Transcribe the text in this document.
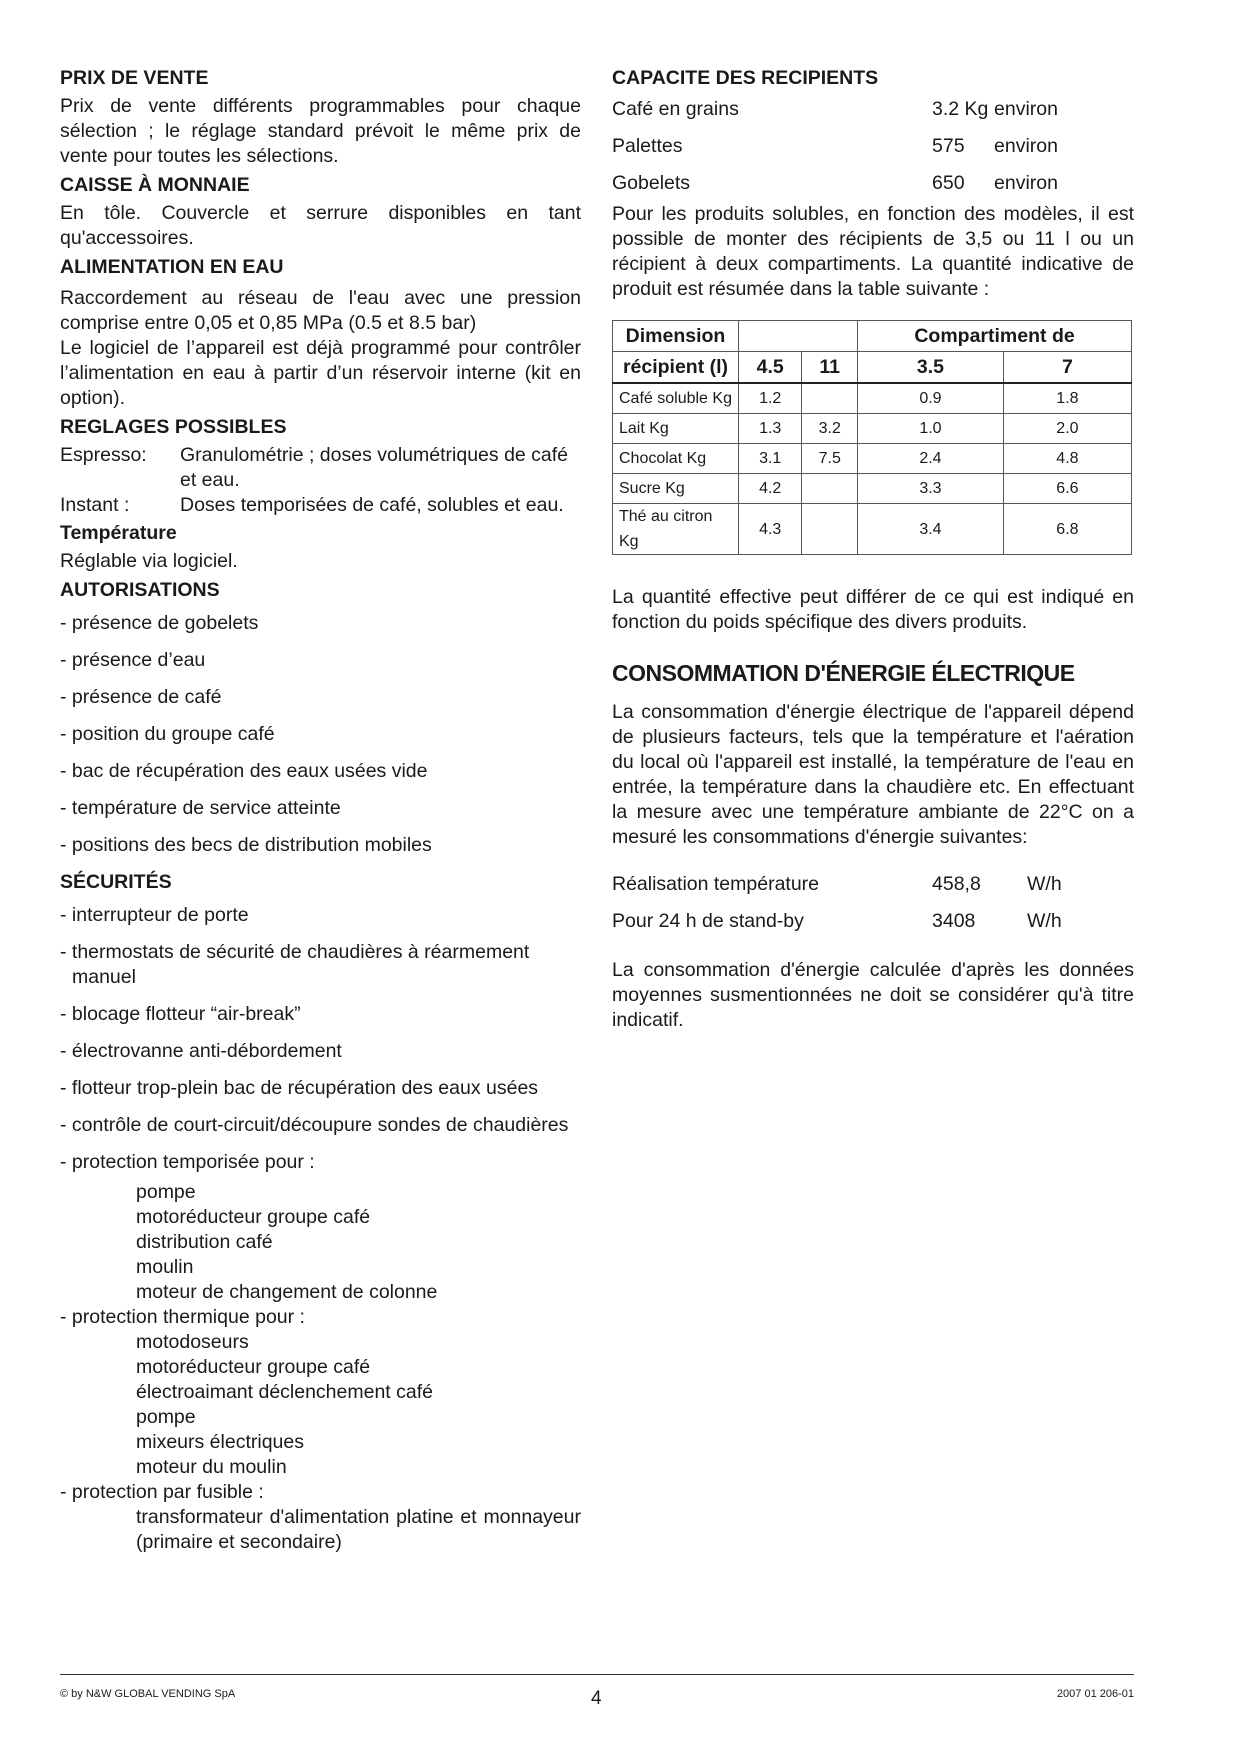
PRIX DE VENTE
Prix de vente différents programmables pour chaque sélection ; le réglage standard prévoit le même prix de vente pour toutes les sélections.
CAISSE À MONNAIE
En tôle. Couvercle et serrure disponibles en tant qu'accessoires.
ALIMENTATION EN EAU
Raccordement au réseau de l'eau avec une pression comprise entre 0,05 et 0,85 MPa (0.5 et 8.5 bar)
Le logiciel de l’appareil est déjà programmé pour contrôler l’alimentation en eau à partir d’un réservoir interne (kit en option).
REGLAGES POSSIBLES
Espresso:	Granulométrie ; doses volumétriques de café et eau.
Instant :	Doses temporisées de café, solubles et eau.
Température
Réglable via logiciel.
AUTORISATIONS
- présence de gobelets
- présence d’eau
- présence de café
- position du groupe café
- bac de récupération des eaux usées vide
- température de service atteinte
- positions des becs de distribution mobiles
SÉCURITÉS
- interrupteur de porte
- thermostats de sécurité de chaudières à réarmement manuel
- blocage flotteur “air-break”
- électrovanne anti-débordement
- flotteur trop-plein bac de récupération des eaux usées
- contrôle de court-circuit/découpure sondes de chaudières
- protection temporisée pour :
pompe
motoréducteur groupe café
distribution café
moulin
moteur de changement de colonne
- protection thermique pour :
motodoseurs
motoréducteur groupe café
électroaimant déclenchement café
pompe
mixeurs électriques
moteur du moulin
- protection par fusible :
transformateur d'alimentation platine et monnayeur (primaire et secondaire)
CAPACITE DES RECIPIENTS
Café en grains	3.2 Kg environ
Palettes	575	environ
Gobelets	650	environ
Pour les produits solubles, en fonction des modèles, il est possible de monter des récipients de 3,5 ou 11 l ou un récipient à deux compartiments. La quantité indicative de produit est résumée dans la table suivante :
Dimension			Compartiment de	
récipient (l)	4.5	11	3.5	7
Café soluble Kg	1.2		0.9	1.8
Lait Kg	1.3	3.2	1.0	2.0
Chocolat Kg	3.1	7.5	2.4	4.8
Sucre Kg	4.2		3.3	6.6
Thé au citron Kg	4.3		3.4	6.8
La quantité effective peut différer de ce qui est indiqué en fonction du poids spécifique des divers produits.
CONSOMMATION D'ÉNERGIE ÉLECTRIQUE
La consommation d'énergie électrique de l'appareil dépend de plusieurs facteurs, tels que la température et l'aération du local où l'appareil est installé, la température de l'eau en entrée, la température dans la chaudière etc. En effectuant la mesure avec une température ambiante de 22°C on a mesuré les consommations d'énergie suivantes:
Réalisation température	458,8	W/h
Pour 24 h de stand-by	3408	W/h
La consommation d'énergie calculée d'après les données moyennes susmentionnées ne doit se considérer qu'à titre indicatif.
© by N&W GLOBAL VENDING SpA	4	2007 01 206-01
